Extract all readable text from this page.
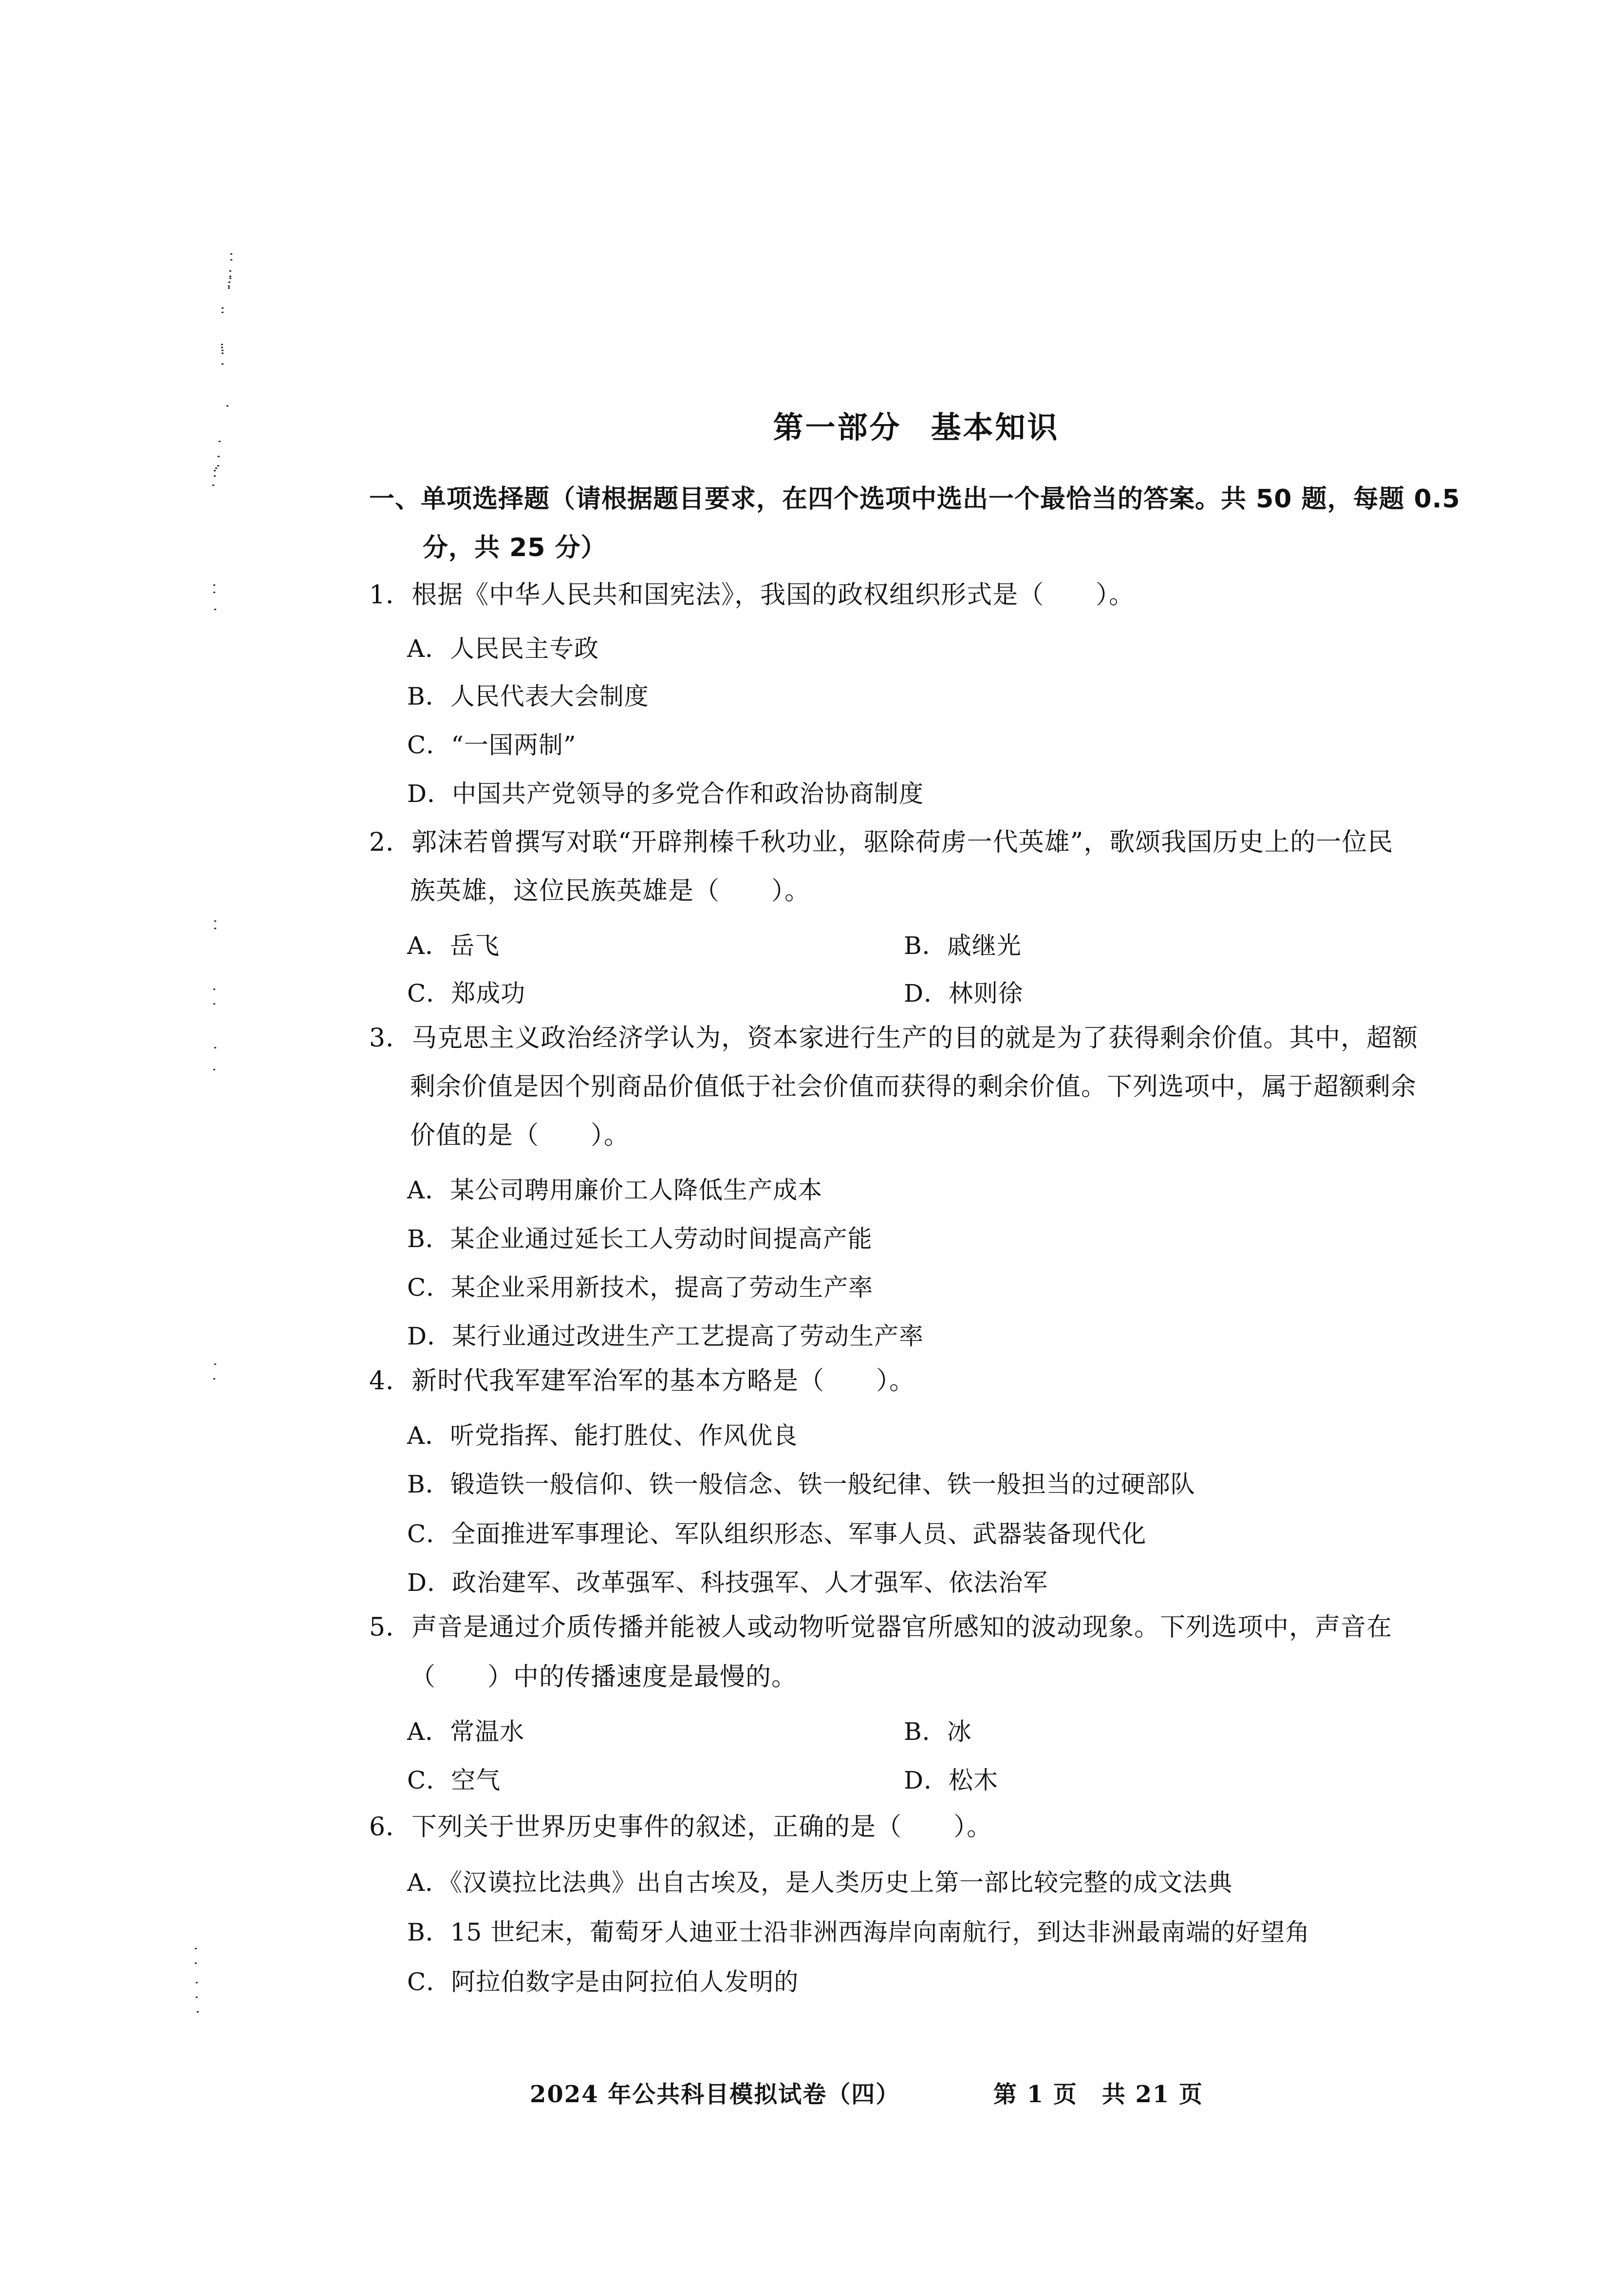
第一部分 基本知识
一、单项选择题（请根据题目要求，在四个选项中选出一个最恰当的答案。共 50 题，每题 0.5
分，共 25 分）
1．根据《中华人民共和国宪法》，我国的政权组织形式是（　　）。
A．人民民主专政
B．人民代表大会制度
C．“一国两制”
D．中国共产党领导的多党合作和政治协商制度
2．郭沫若曾撰写对联“开辟荆榛千秋功业，驱除荷虏一代英雄”，歌颂我国历史上的一位民
族英雄，这位民族英雄是（　　）。
A．岳飞	B．戚继光
C．郑成功	D．林则徐
3．马克思主义政治经济学认为，资本家进行生产的目的就是为了获得剩余价值。其中，超额
剩余价值是因个别商品价值低于社会价值而获得的剩余价值。下列选项中，属于超额剩余
价值的是（　　）。
A．某公司聘用廉价工人降低生产成本
B．某企业通过延长工人劳动时间提高产能
C．某企业采用新技术，提高了劳动生产率
D．某行业通过改进生产工艺提高了劳动生产率
4．新时代我军建军治军的基本方略是（　　）。
A．听党指挥、能打胜仗、作风优良
B．锻造铁一般信仰、铁一般信念、铁一般纪律、铁一般担当的过硬部队
C．全面推进军事理论、军队组织形态、军事人员、武器装备现代化
D．政治建军、改革强军、科技强军、人才强军、依法治军
5．声音是通过介质传播并能被人或动物听觉器官所感知的波动现象。下列选项中，声音在
（　　）中的传播速度是最慢的。
A．常温水	B．冰
C．空气	D．松木
6．下列关于世界历史事件的叙述，正确的是（　　）。
A．《汉谟拉比法典》出自古埃及，是人类历史上第一部比较完整的成文法典
B．15 世纪末，葡萄牙人迪亚士沿非洲西海岸向南航行，到达非洲最南端的好望角
C．阿拉伯数字是由阿拉伯人发明的
2024 年公共科目模拟试卷（四）	第 1 页　共 21 页
